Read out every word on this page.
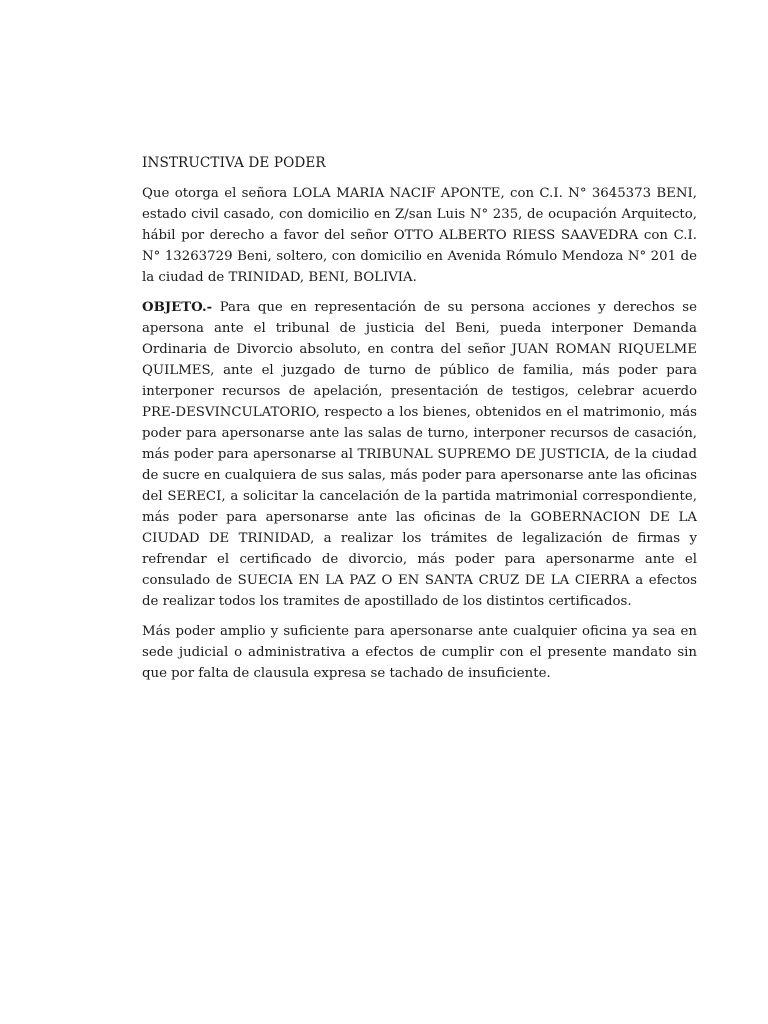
INSTRUCTIVA DE PODER

Que otorga el señora LOLA MARIA NACIF APONTE, con C.I. N° 3645373 BENI, estado civil casado, con domicilio en Z/san Luis N° 235, de ocupación Arquitecto, hábil por derecho a favor del señor OTTO ALBERTO RIESS SAAVEDRA con C.I. N° 13263729 Beni, soltero, con domicilio en Avenida Rómulo Mendoza N° 201 de la ciudad de TRINIDAD, BENI, BOLIVIA.

OBJETO.- Para que en representación de su persona acciones y derechos se apersona ante el tribunal de justicia del Beni, pueda interponer Demanda Ordinaria de Divorcio absoluto, en contra del señor JUAN ROMAN RIQUELME QUILMES, ante el juzgado de turno de público de familia, más poder para interponer recursos de apelación, presentación de testigos, celebrar acuerdo PRE-DESVINCULATORIO, respecto a los bienes, obtenidos en el matrimonio, más poder para apersonarse ante las salas de turno, interponer recursos de casación, más poder para apersonarse al TRIBUNAL SUPREMO DE JUSTICIA, de la ciudad de sucre en cualquiera de sus salas, más poder para apersonarse ante las oficinas del SERECI, a solicitar la cancelación de la partida matrimonial correspondiente, más poder para apersonarse ante las oficinas de la GOBERNACION DE LA CIUDAD DE TRINIDAD, a realizar los trámites de legalización de firmas y refrendar el certificado de divorcio, más poder para apersonarme ante el consulado de SUECIA EN LA PAZ O EN SANTA CRUZ DE LA CIERRA a efectos de realizar todos los tramites de apostillado de los distintos certificados.

Más poder amplio y suficiente para apersonarse ante cualquier oficina ya sea en sede judicial o administrativa a efectos de cumplir con el presente mandato sin que por falta de clausula expresa se tachado de insuficiente.
